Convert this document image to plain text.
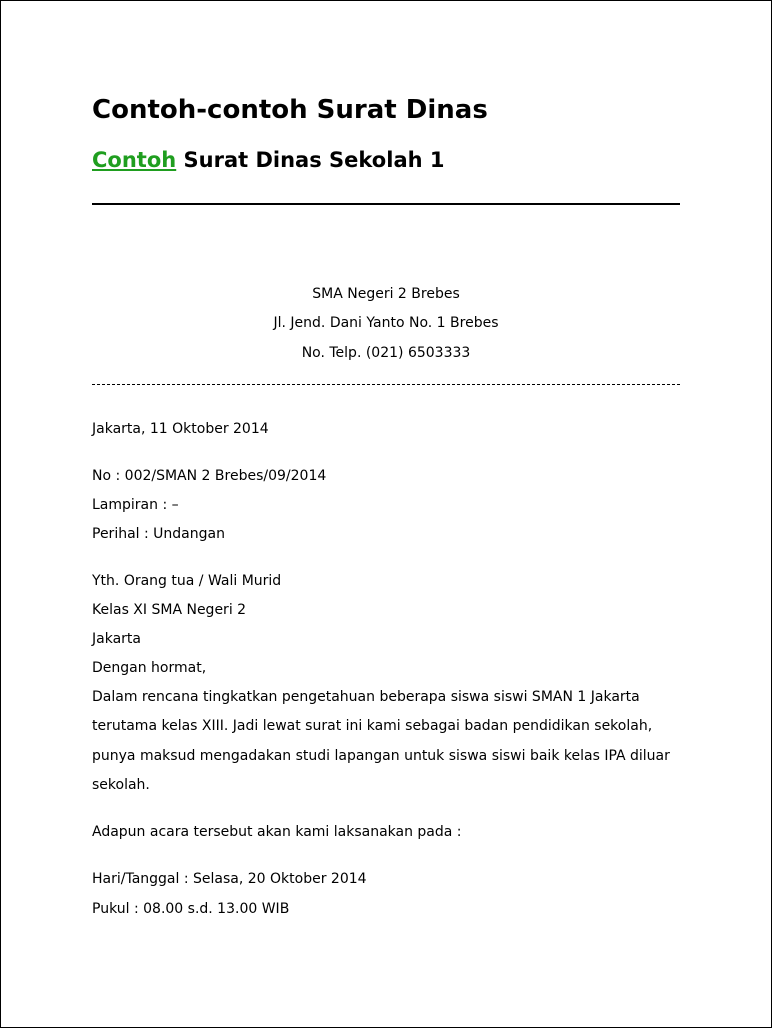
Contoh-contoh Surat Dinas
Contoh Surat Dinas Sekolah 1
SMA Negeri 2 Brebes
Jl. Jend. Dani Yanto No. 1 Brebes
No. Telp. (021) 6503333
Jakarta, 11 Oktober 2014
No : 002/SMAN 2 Brebes/09/2014
Lampiran : –
Perihal : Undangan
Yth. Orang tua / Wali Murid
Kelas XI SMA Negeri 2
Jakarta
Dengan hormat,
Dalam rencana tingkatkan pengetahuan beberapa siswa siswi SMAN 1 Jakarta
terutama kelas XIII. Jadi lewat surat ini kami sebagai badan pendidikan sekolah,
punya maksud mengadakan studi lapangan untuk siswa siswi baik kelas IPA diluar
sekolah.
Adapun acara tersebut akan kami laksanakan pada :
Hari/Tanggal : Selasa, 20 Oktober 2014
Pukul : 08.00 s.d. 13.00 WIB
